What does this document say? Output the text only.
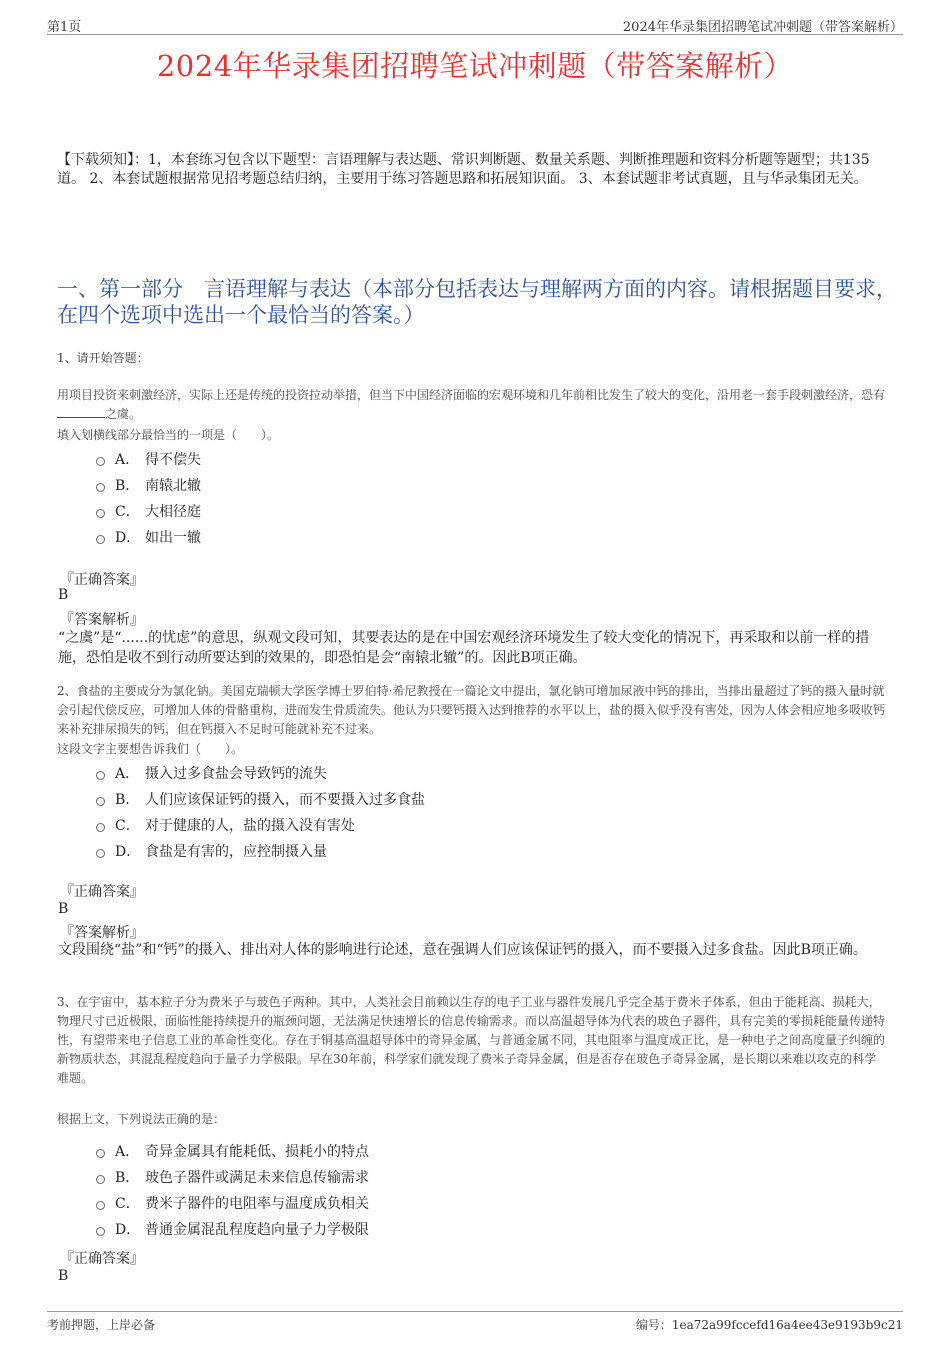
第1页	2024年华录集团招聘笔试冲刺题（带答案解析）
2024年华录集团招聘笔试冲刺题（带答案解析）
【下载须知】：1，本套练习包含以下题型：言语理解与表达题、常识判断题、数量关系题、判断推理题和资料分析题等题型；共135道。 2、本套试题根据常见招考题总结归纳，主要用于练习答题思路和拓展知识面。 3、本套试题非考试真题，且与华录集团无关。
一、第一部分　言语理解与表达（本部分包括表达与理解两方面的内容。请根据题目要求，在四个选项中选出一个最恰当的答案。）
1、请开始答题：
用项目投资来刺激经济，实际上还是传统的投资拉动举措，但当下中国经济面临的宏观环境和几年前相比发生了较大的变化，沿用老一套手段刺激经济，恐有之虞。
填入划横线部分最恰当的一项是（　　）。
A． 得不偿失
B． 南辕北辙
C． 大相径庭
D． 如出一辙
『正确答案』
B
『答案解析』
“之虞”是“......的忧虑”的意思，纵观文段可知，其要表达的是在中国宏观经济环境发生了较大变化的情况下，再采取和以前一样的措施，恐怕是收不到行动所要达到的效果的，即恐怕是会“南辕北辙”的。因此B项正确。
2、食盐的主要成分为氯化钠。美国克瑞顿大学医学博士罗伯特·希尼教授在一篇论文中提出，氯化钠可增加尿液中钙的排出，当排出量超过了钙的摄入量时就会引起代偿反应，可增加人体的骨骼重构，进而发生骨质流失。他认为只要钙摄入达到推荐的水平以上，盐的摄入似乎没有害处，因为人体会相应地多吸收钙来补充排尿损失的钙，但在钙摄入不足时可能就补充不过来。
这段文字主要想告诉我们（　　）。
A． 摄入过多食盐会导致钙的流失
B． 人们应该保证钙的摄入，而不要摄入过多食盐
C． 对于健康的人，盐的摄入没有害处
D． 食盐是有害的，应控制摄入量
『正确答案』
B
『答案解析』
文段围绕“盐”和“钙”的摄入、排出对人体的影响进行论述，意在强调人们应该保证钙的摄入，而不要摄入过多食盐。因此B项正确。
3、在宇宙中，基本粒子分为费米子与玻色子两种。其中，人类社会目前赖以生存的电子工业与器件发展几乎完全基于费米子体系，但由于能耗高、损耗大，物理尺寸已近极限，面临性能持续提升的瓶颈问题，无法满足快速增长的信息传输需求。而以高温超导体为代表的玻色子器件，具有完美的零损耗能量传递特性，有望带来电子信息工业的革命性变化。存在于铜基高温超导体中的奇异金属，与普通金属不同，其电阻率与温度成正比，是一种电子之间高度量子纠缠的新物质状态，其混乱程度趋向于量子力学极限。早在30年前，科学家们就发现了费米子奇异金属，但是否存在玻色子奇异金属，是长期以来难以攻克的科学难题。
根据上文，下列说法正确的是：
A． 奇异金属具有能耗低、损耗小的特点
B． 玻色子器件或满足未来信息传输需求
C． 费米子器件的电阻率与温度成负相关
D． 普通金属混乱程度趋向量子力学极限
『正确答案』
B
考前押题，上岸必备	编号：1ea72a99fccefd16a4ee43e9193b9c21
